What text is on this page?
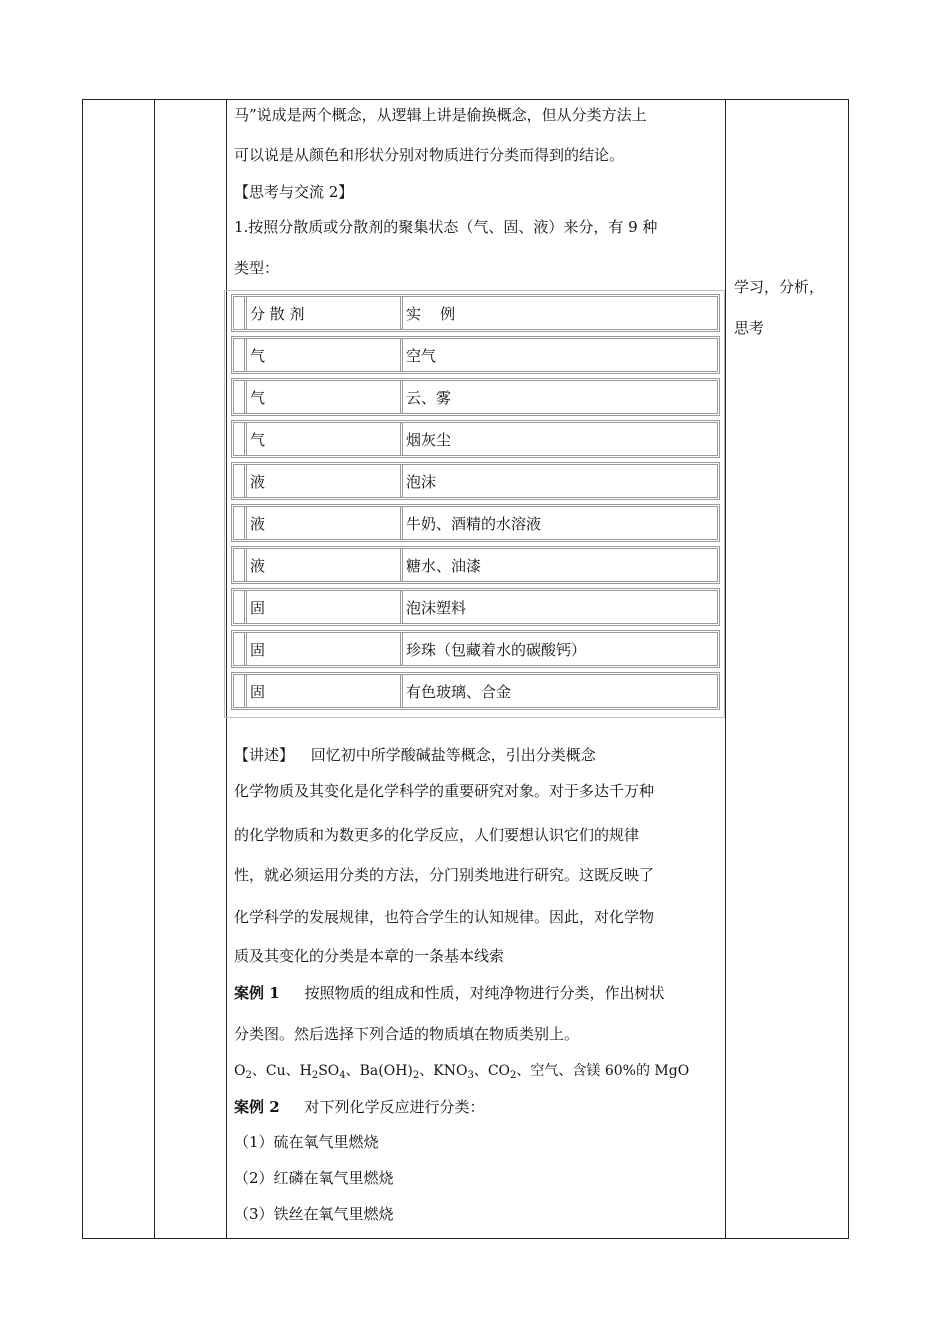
马”说成是两个概念，从逻辑上讲是偷换概念，但从分类方法上
可以说是从颜色和形状分别对物质进行分类而得到的结论。
【思考与交流 2】
1.按照分散质或分散剂的聚集状态（气、固、液）来分，有 9 种
类型：
分 散 剂	实    例
气	空气
气	云、雾
气	烟灰尘
液	泡沫
液	牛奶、酒精的水溶液
液	糖水、油漆
固	泡沫塑料
固	珍珠（包藏着水的碳酸钙）
固	有色玻璃、合金
【讲述】 回忆初中所学酸碱盐等概念，引出分类概念
化学物质及其变化是化学科学的重要研究对象。对于多达千万种
的化学物质和为数更多的化学反应，人们要想认识它们的规律
性，就必须运用分类的方法，分门别类地进行研究。这既反映了
化学科学的发展规律，也符合学生的认知规律。因此，对化学物
质及其变化的分类是本章的一条基本线索
案例 1 按照物质的组成和性质，对纯净物进行分类，作出树状
分类图。然后选择下列合适的物质填在物质类别上。
$O_2$、Cu、$H_2SO_4$、$Ba(OH)_2$、$KNO_3$、$CO_2$、空气、含镁 60%的 MgO
案例 2 对下列化学反应进行分类：
（1）硫在氧气里燃烧
（2）红磷在氧气里燃烧
（3）铁丝在氧气里燃烧
学习，分析，
思考
